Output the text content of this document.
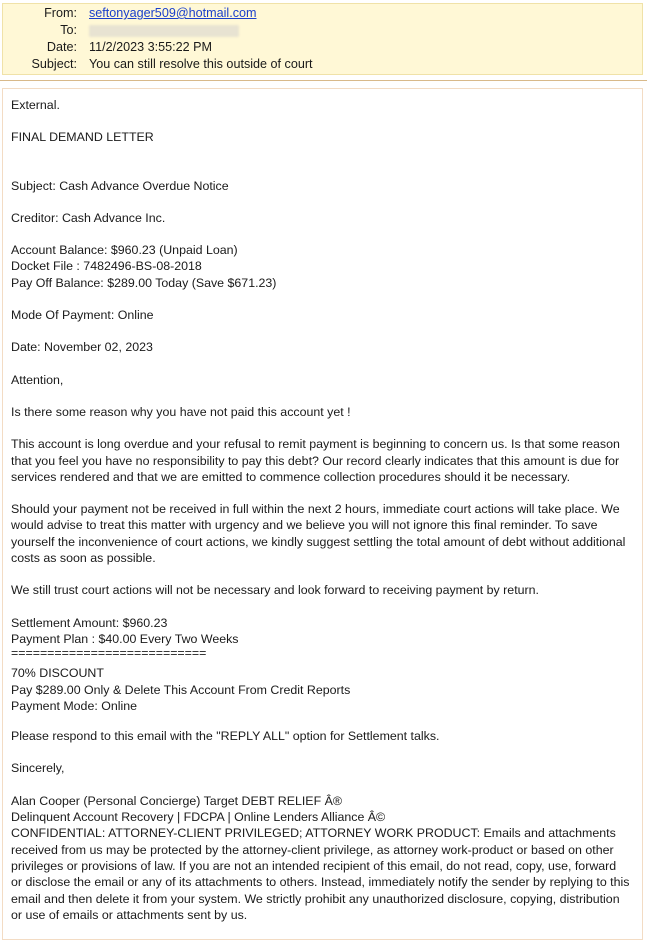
From: seftonyager509@hotmail.com
To:
Date: 11/2/2023 3:55:22 PM
Subject: You can still resolve this outside of court
External.
FINAL DEMAND LETTER
Subject: Cash Advance Overdue Notice
Creditor: Cash Advance Inc.
Account Balance: $960.23 (Unpaid Loan)
Docket File : 7482496-BS-08-2018
Pay Off Balance: $289.00 Today (Save $671.23)
Mode Of Payment: Online
Date: November 02, 2023
Attention,
Is there some reason why you have not paid this account yet !
This account is long overdue and your refusal to remit payment is beginning to concern us. Is that some reason
that you feel you have no responsibility to pay this debt? Our record clearly indicates that this amount is due for
services rendered and that we are emitted to commence collection procedures should it be necessary.
Should your payment not be received in full within the next 2 hours, immediate court actions will take place. We
would advise to treat this matter with urgency and we believe you will not ignore this final reminder. To save
yourself the inconvenience of court actions, we kindly suggest settling the total amount of debt without additional
costs as soon as possible.
We still trust court actions will not be necessary and look forward to receiving payment by return.
Settlement Amount: $960.23
Payment Plan : $40.00 Every Two Weeks
===========================
70% DISCOUNT
Pay $289.00 Only & Delete This Account From Credit Reports
Payment Mode: Online
Please respond to this email with the "REPLY ALL" option for Settlement talks.
Sincerely,
Alan Cooper (Personal Concierge) Target DEBT RELIEF Â®
Delinquent Account Recovery | FDCPA | Online Lenders Alliance Â©
CONFIDENTIAL: ATTORNEY-CLIENT PRIVILEGED; ATTORNEY WORK PRODUCT: Emails and attachments
received from us may be protected by the attorney-client privilege, as attorney work-product or based on other
privileges or provisions of law. If you are not an intended recipient of this email, do not read, copy, use, forward
or disclose the email or any of its attachments to others. Instead, immediately notify the sender by replying to this
email and then delete it from your system. We strictly prohibit any unauthorized disclosure, copying, distribution
or use of emails or attachments sent by us.
